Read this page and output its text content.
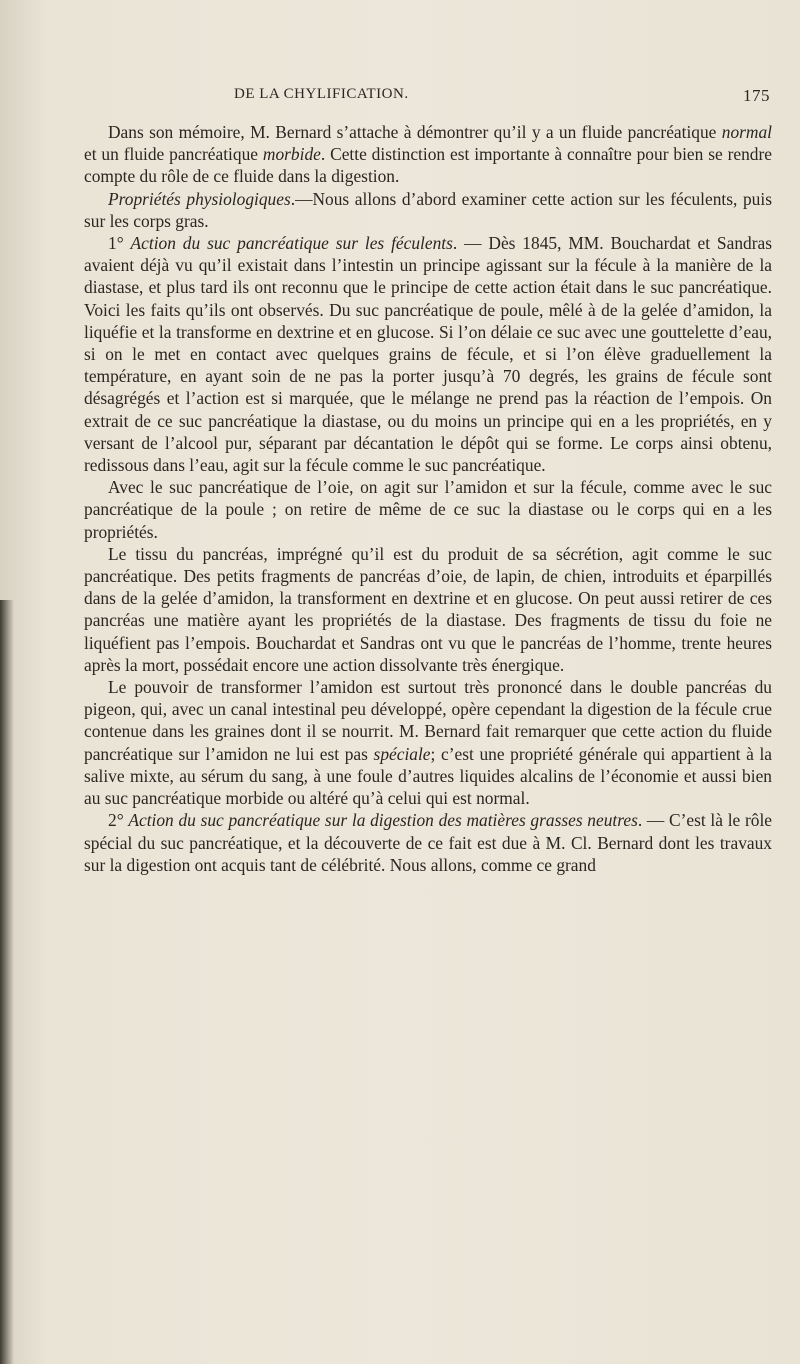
DE LA CHYLIFICATION.	175

Dans son mémoire, M. Bernard s’attache à démontrer qu’il y a un fluide pancréatique normal et un fluide pancréatique morbide. Cette distinction est importante à connaître pour bien se rendre compte du rôle de ce fluide dans la digestion.

Propriétés physiologiques.—Nous allons d’abord examiner cette action sur les féculents, puis sur les corps gras.

1° Action du suc pancréatique sur les féculents. — Dès 1845, MM. Bouchardat et Sandras avaient déjà vu qu’il existait dans l’intestin un principe agissant sur la fécule à la manière de la diastase, et plus tard ils ont reconnu que le principe de cette action était dans le suc pancréatique. Voici les faits qu’ils ont observés. Du suc pancréatique de poule, mêlé à de la gelée d’amidon, la liquéfie et la transforme en dextrine et en glucose. Si l’on délaie ce suc avec une gouttelette d’eau, si on le met en contact avec quelques grains de fécule, et si l’on élève graduellement la température, en ayant soin de ne pas la porter jusqu’à 70 degrés, les grains de fécule sont désagrégés et l’action est si marquée, que le mélange ne prend pas la réaction de l’empois. On extrait de ce suc pancréatique la diastase, ou du moins un principe qui en a les propriétés, en y versant de l’alcool pur, séparant par décantation le dépôt qui se forme. Le corps ainsi obtenu, redissous dans l’eau, agit sur la fécule comme le suc pancréatique.

Avec le suc pancréatique de l’oie, on agit sur l’amidon et sur la fécule, comme avec le suc pancréatique de la poule ; on retire de même de ce suc la diastase ou le corps qui en a les propriétés.

Le tissu du pancréas, imprégné qu’il est du produit de sa sécrétion, agit comme le suc pancréatique. Des petits fragments de pancréas d’oie, de lapin, de chien, introduits et éparpillés dans de la gelée d’amidon, la transforment en dextrine et en glucose. On peut aussi retirer de ces pancréas une matière ayant les propriétés de la diastase. Des fragments de tissu du foie ne liquéfient pas l’empois. Bouchardat et Sandras ont vu que le pancréas de l’homme, trente heures après la mort, possédait encore une action dissolvante très énergique.

Le pouvoir de transformer l’amidon est surtout très prononcé dans le double pancréas du pigeon, qui, avec un canal intestinal peu développé, opère cependant la digestion de la fécule crue contenue dans les graines dont il se nourrit. M. Bernard fait remarquer que cette action du fluide pancréatique sur l’amidon ne lui est pas spéciale; c’est une propriété générale qui appartient à la salive mixte, au sérum du sang, à une foule d’autres liquides alcalins de l’économie et aussi bien au suc pancréatique morbide ou altéré qu’à celui qui est normal.

2° Action du suc pancréatique sur la digestion des matières grasses neutres. — C’est là le rôle spécial du suc pancréatique, et la découverte de ce fait est due à M. Cl. Bernard dont les travaux sur la digestion ont acquis tant de célébrité. Nous allons, comme ce grand
